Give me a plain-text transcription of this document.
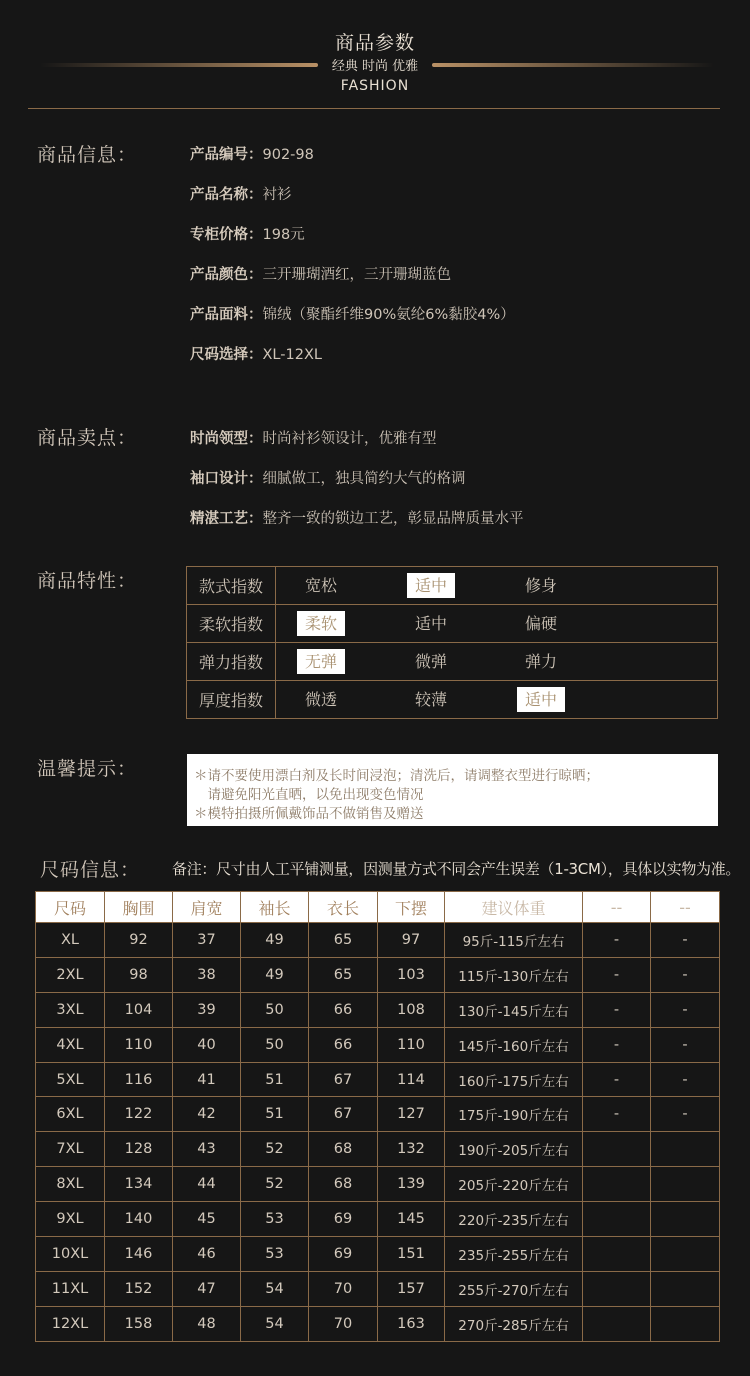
商品参数
经典 时尚 优雅
FASHION
商品信息：	产品编号：902-98
产品名称：衬衫
专柜价格：198元
产品颜色：三开珊瑚酒红，三开珊瑚蓝色
产品面料：锦绒（聚酯纤维90%氨纶6%黏胶4%）
尺码选择：XL-12XL
商品卖点：	时尚领型：时尚衬衫领设计，优雅有型
袖口设计：细腻做工，独具简约大气的格调
精湛工艺：整齐一致的锁边工艺，彰显品牌质量水平
商品特性：	款式指数	宽松 适中 修身

柔软指数	柔软 适中 偏硬

弹力指数	无弹 微弹 弹力

厚度指数	微透 较薄 适中
温馨提示：	＊请不要使用漂白剂及长时间浸泡；清洗后，请调整衣型进行晾晒；
　请避免阳光直晒，以免出现变色情况
＊模特拍摄所佩戴饰品不做销售及赠送
尺码信息： 备注：尺寸由人工平铺测量，因测量方式不同会产生误差（1-3CM），具体以实物为准。
尺码	胸围	肩宽	袖长	衣长	下摆	建议体重	--	--
XL	92	37	49	65	97	95斤-115斤左右	-	-
2XL	98	38	49	65	103	115斤-130斤左右	-	-
3XL	104	39	50	66	108	130斤-145斤左右	-	-
4XL	110	40	50	66	110	145斤-160斤左右	-	-
5XL	116	41	51	67	114	160斤-175斤左右	-	-
6XL	122	42	51	67	127	175斤-190斤左右	-	-
7XL	128	43	52	68	132	190斤-205斤左右		
8XL	134	44	52	68	139	205斤-220斤左右		
9XL	140	45	53	69	145	220斤-235斤左右		
10XL	146	46	53	69	151	235斤-255斤左右		
11XL	152	47	54	70	157	255斤-270斤左右		
12XL	158	48	54	70	163	270斤-285斤左右		
